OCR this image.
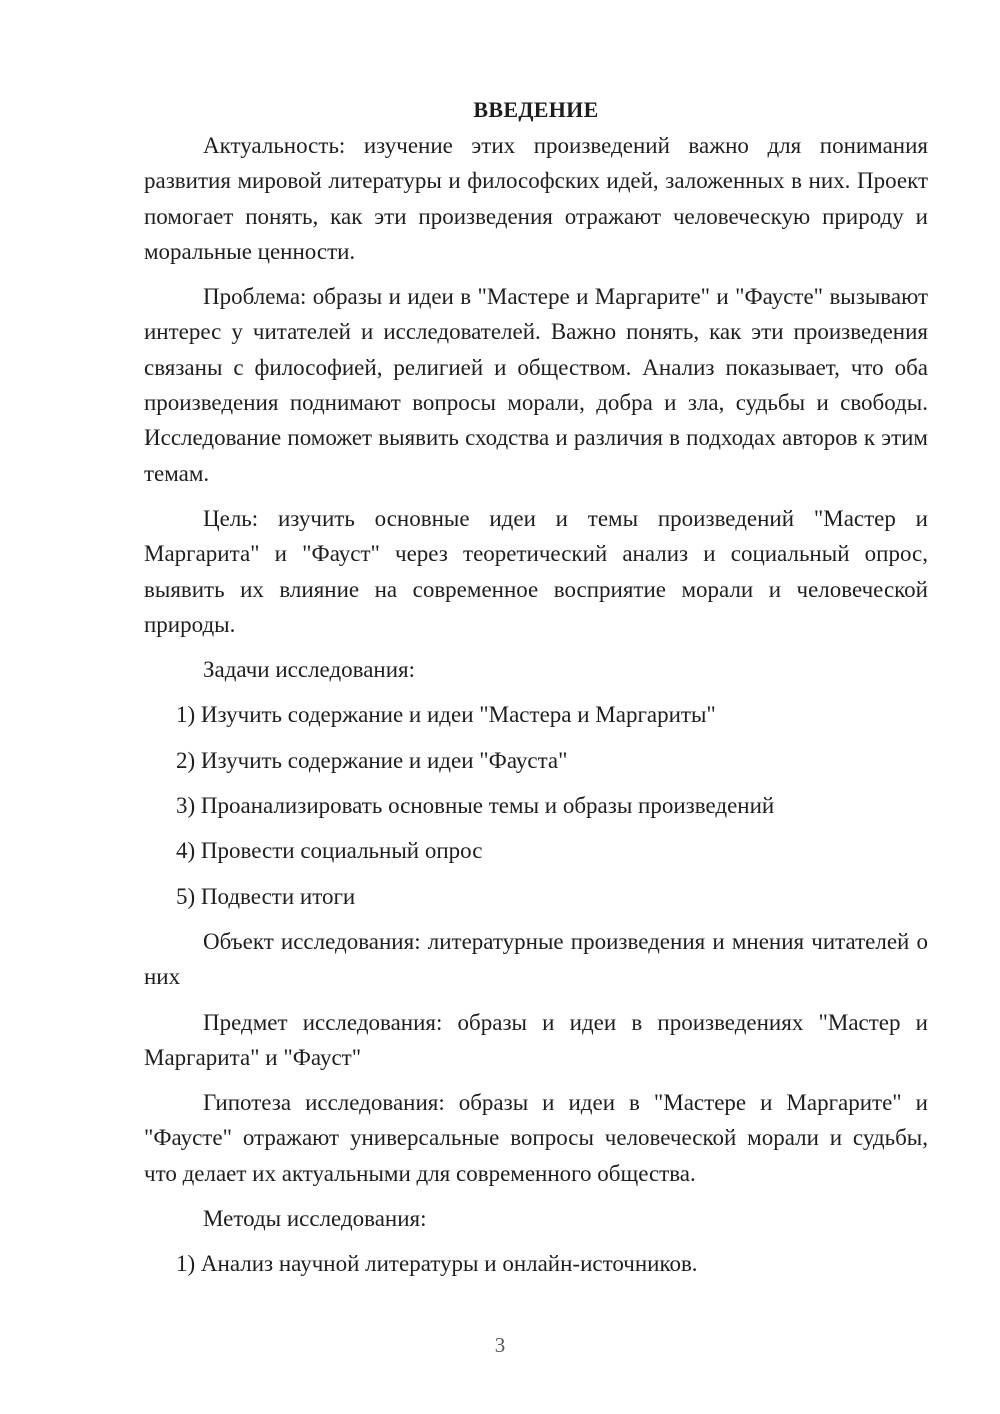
ВВЕДЕНИЕ

Актуальность: изучение этих произведений важно для понимания развития мировой литературы и философских идей, заложенных в них. Проект помогает понять, как эти произведения отражают человеческую природу и моральные ценности.

Проблема: образы и идеи в "Мастере и Маргарите" и "Фаусте" вызывают интерес у читателей и исследователей. Важно понять, как эти произведения связаны с философией, религией и обществом. Анализ показывает, что оба произведения поднимают вопросы морали, добра и зла, судьбы и свободы. Исследование поможет выявить сходства и различия в подходах авторов к этим темам.

Цель: изучить основные идеи и темы произведений "Мастер и Маргарита" и "Фауст" через теоретический анализ и социальный опрос, выявить их влияние на современное восприятие морали и человеческой природы.

Задачи исследования:

1) Изучить содержание и идеи "Мастера и Маргариты"
2) Изучить содержание и идеи "Фауста"
3) Проанализировать основные темы и образы произведений
4) Провести социальный опрос
5) Подвести итоги

Объект исследования: литературные произведения и мнения читателей о них

Предмет исследования: образы и идеи в произведениях "Мастер и Маргарита" и "Фауст"

Гипотеза исследования: образы и идеи в "Мастере и Маргарите" и "Фаусте" отражают универсальные вопросы человеческой морали и судьбы, что делает их актуальными для современного общества.

Методы исследования:

1) Анализ научной литературы и онлайн-источников.
3
